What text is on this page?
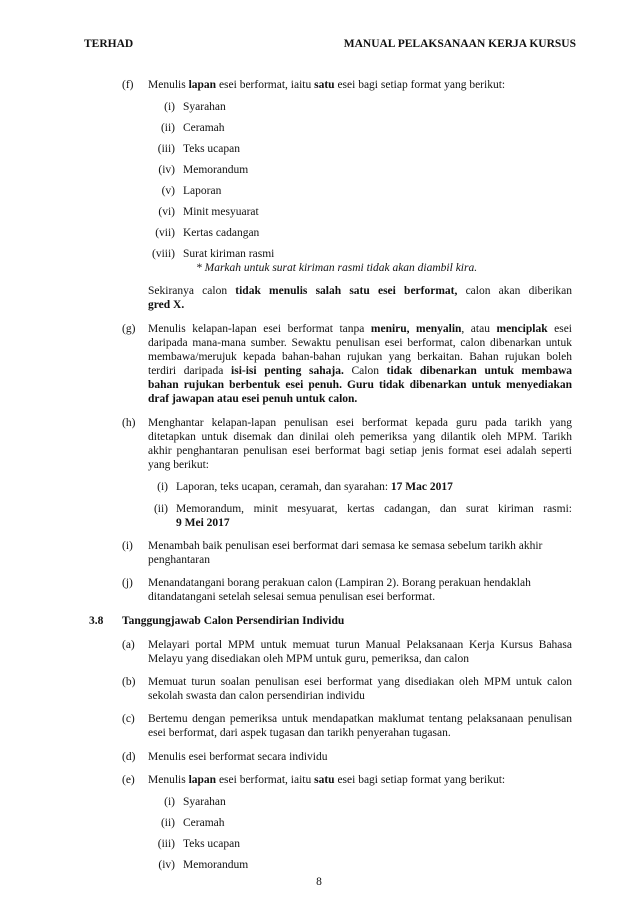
TERHAD	MANUAL PELAKSANAAN KERJA KURSUS
(f) Menulis lapan esei berformat, iaitu satu esei bagi setiap format yang berikut:
(i) Syarahan
(ii) Ceramah
(iii) Teks ucapan
(iv) Memorandum
(v) Laporan
(vi) Minit mesyuarat
(vii) Kertas cadangan
(viii) Surat kiriman rasmi
* Markah untuk surat kiriman rasmi tidak akan diambil kira.
Sekiranya calon tidak menulis salah satu esei berformat, calon akan diberikan
gred X.
(g) Menulis kelapan-lapan esei berformat tanpa meniru, menyalin, atau menciplak esei
daripada mana-mana sumber. Sewaktu penulisan esei berformat, calon dibenarkan untuk
membawa/merujuk kepada bahan-bahan rujukan yang berkaitan. Bahan rujukan boleh
terdiri daripada isi-isi penting sahaja. Calon tidak dibenarkan untuk membawa
bahan rujukan berbentuk esei penuh. Guru tidak dibenarkan untuk menyediakan
draf jawapan atau esei penuh untuk calon.
(h) Menghantar kelapan-lapan penulisan esei berformat kepada guru pada tarikh yang
ditetapkan untuk disemak dan dinilai oleh pemeriksa yang dilantik oleh MPM. Tarikh
akhir penghantaran penulisan esei berformat bagi setiap jenis format esei adalah seperti
yang berikut:
(i) Laporan, teks ucapan, ceramah, dan syarahan: 17 Mac 2017
(ii) Memorandum, minit mesyuarat, kertas cadangan, dan surat kiriman rasmi:
9 Mei 2017
(i) Menambah baik penulisan esei berformat dari semasa ke semasa sebelum tarikh akhir
penghantaran
(j) Menandatangani borang perakuan calon (Lampiran 2). Borang perakuan hendaklah
ditandatangani setelah selesai semua penulisan esei berformat.
3.8 Tanggungjawab Calon Persendirian Individu
(a) Melayari portal MPM untuk memuat turun Manual Pelaksanaan Kerja Kursus Bahasa
Melayu yang disediakan oleh MPM untuk guru, pemeriksa, dan calon
(b) Memuat turun soalan penulisan esei berformat yang disediakan oleh MPM untuk calon
sekolah swasta dan calon persendirian individu
(c) Bertemu dengan pemeriksa untuk mendapatkan maklumat tentang pelaksanaan penulisan
esei berformat, dari aspek tugasan dan tarikh penyerahan tugasan.
(d) Menulis esei berformat secara individu
(e) Menulis lapan esei berformat, iaitu satu esei bagi setiap format yang berikut:
(i) Syarahan
(ii) Ceramah
(iii) Teks ucapan
(iv) Memorandum
8
